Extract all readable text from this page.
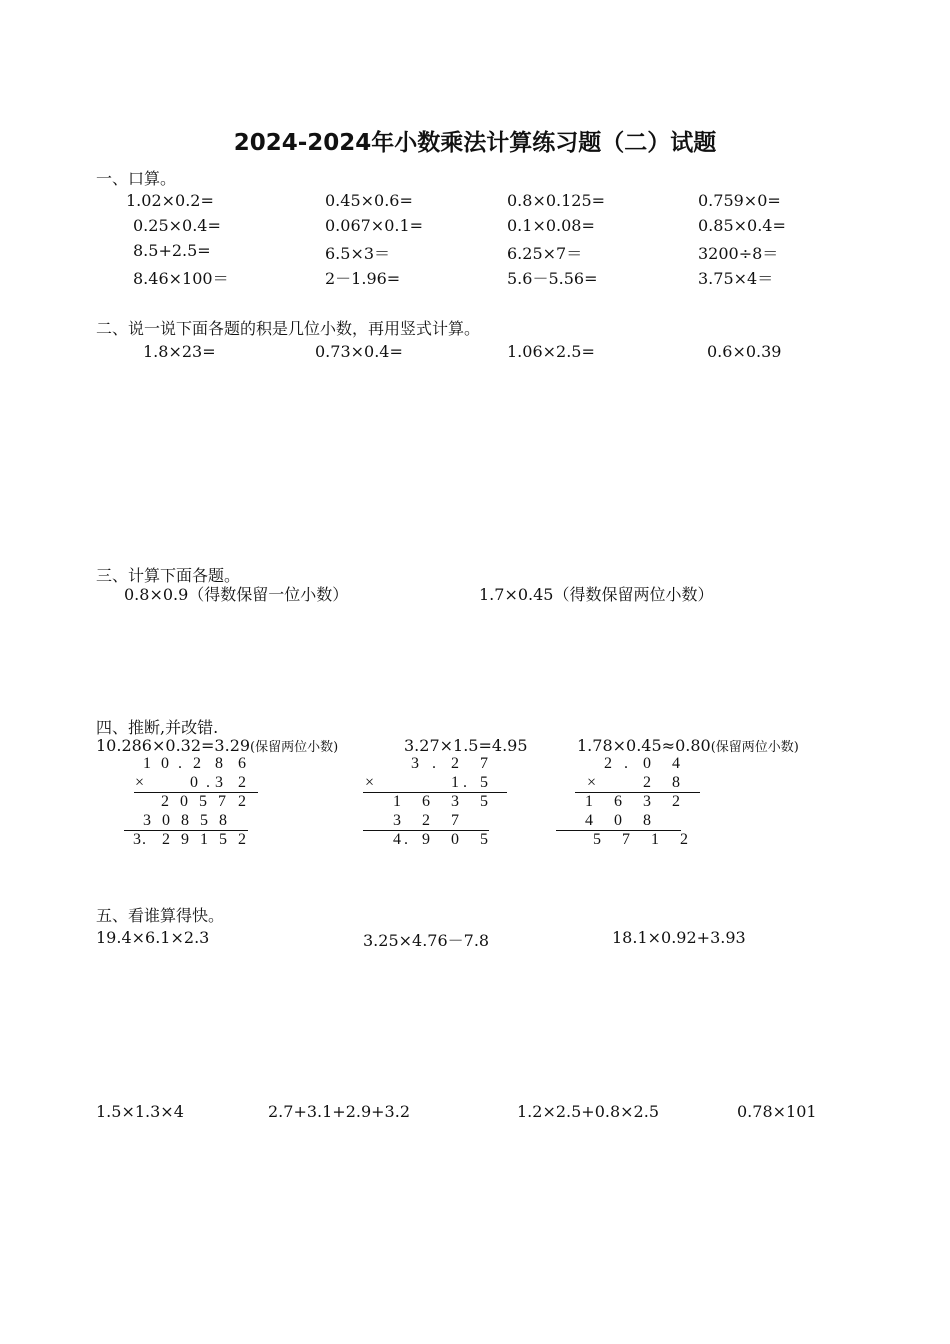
2024-2024年小数乘法计算练习题（二）试题
一、口算。
1.02×0.2=	0.45×0.6=	0.8×0.125=	0.759×0=
0.25×0.4=	0.067×0.1=	0.1×0.08=	0.85×0.4=
8.5+2.5=	6.5×3＝	6.25×7＝	3200÷8＝
8.46×100＝	2－1.96=	5.6－5.56=	3.75×4＝
二、说一说下面各题的积是几位小数，再用竖式计算。
1.8×23=	0.73×0.4=	1.06×2.5=	0.6×0.39
三、计算下面各题。
0.8×0.9（得数保留一位小数）	1.7×0.45（得数保留两位小数）
四、推断,并改错.
10.286×0.32=3.29(保留两位小数)	3.27×1.5=4.95	1.78×0.45≈0.80(保留两位小数)
1 0 . 2 8 6
×	0 . 3 2
2 0 5 7 2
3 0 8 5 8
3 . 2 9 1 5 2
3 . 2 7
×	1 . 5
1 6 3 5
3 2 7
4 . 9 0 5
2 . 0 4
×	2 8
1 6 3 2
4 0 8
5 7 1 2
五、看谁算得快。
19.4×6.1×2.3	3.25×4.76－7.8	18.1×0.92+3.93
1.5×1.3×4	2.7+3.1+2.9+3.2	1.2×2.5+0.8×2.5	0.78×101
